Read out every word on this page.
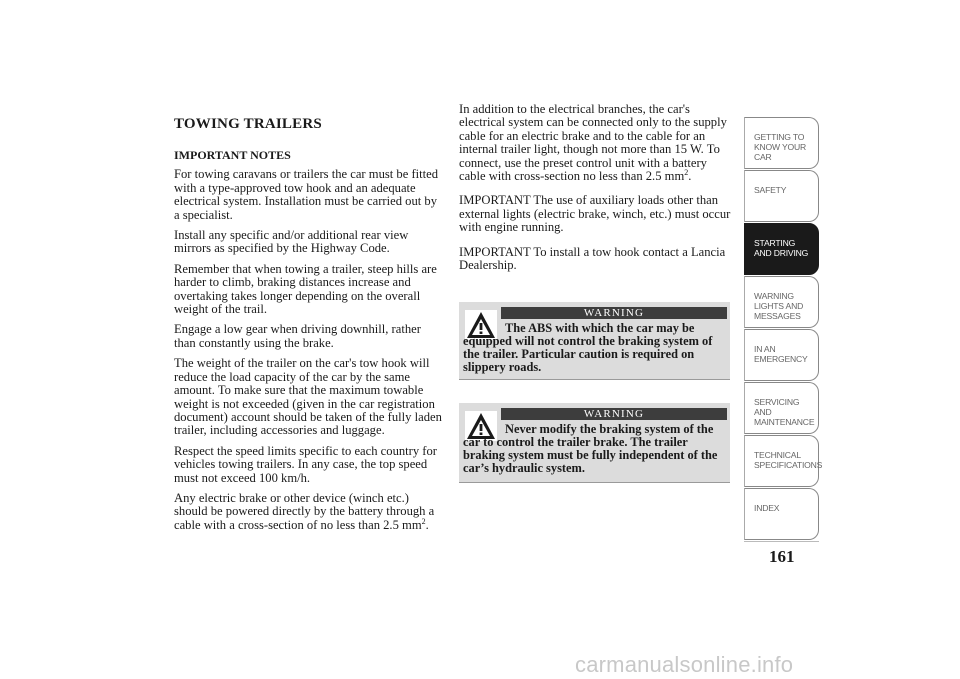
TOWING TRAILERS
IMPORTANT NOTES

For towing caravans or trailers the car must be fitted with a type-approved tow hook and an adequate electrical system. Installation must be carried out by a specialist.

Install any specific and/or additional rear view mirrors as specified by the Highway Code.

Remember that when towing a trailer, steep hills are harder to climb, braking distances increase and overtaking takes longer depending on the overall weight of the trail.

Engage a low gear when driving downhill, rather than constantly using the brake.

The weight of the trailer on the car's tow hook will reduce the load capacity of the car by the same amount. To make sure that the maximum towable weight is not exceeded (given in the car registration document) account should be taken of the fully laden trailer, including accessories and luggage.

Respect the speed limits specific to each country for vehicles towing trailers. In any case, the top speed must not exceed 100 km/h.

Any electric brake or other device (winch etc.) should be powered directly by the battery through a cable with a cross-section of no less than 2.5 $mm^2$.

In addition to the electrical branches, the car's electrical system can be connected only to the supply cable for an electric brake and to the cable for an internal trailer light, though not more than 15 W. To connect, use the preset control unit with a battery cable with cross-section no less than 2.5 $mm^2$.

IMPORTANT The use of auxiliary loads other than external lights (electric brake, winch, etc.) must occur with engine running.

IMPORTANT To install a tow hook contact a Lancia Dealership.

WARNING
The ABS with which the car may be equipped will not control the braking system of the trailer. Particular caution is required on slippery roads.
WARNING
Never modify the braking system of the car to control the trailer brake. The trailer braking system must be fully independent of the car’s hydraulic system.
GETTING TO KNOW YOUR CAR
SAFETY
STARTING AND DRIVING
WARNING LIGHTS AND MESSAGES
IN AN EMERGENCY
SERVICING AND MAINTENANCE
TECHNICAL SPECIFICATIONS
INDEX
161
carmanualsonline.info
